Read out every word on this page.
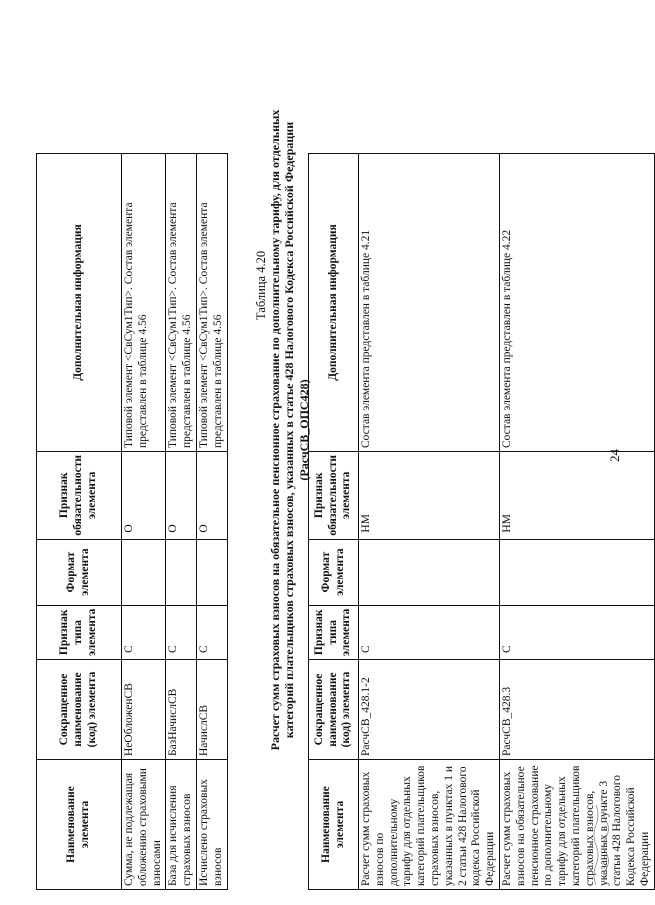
24
Наименование элемента	Сокращенное наименование (код) элемента	Признак типа элемента	Формат элемента	Признак обязательности элемента	Дополнительная информация
Сумма, не подлежащая обложению страховыми взносами	НеОбложенСВ	С		О	Типовой элемент <СвСум1Тип>. Состав элемента представлен в таблице 4.56
База для исчисления страховых взносов	БазНачислСВ	С		О	Типовой элемент <СвСум1Тип>. Состав элемента представлен в таблице 4.56
Исчислено страховых взносов	НачислСВ	С		О	Типовой элемент <СвСум1Тип>. Состав элемента представлен в таблице 4.56
Таблица 4.20 Расчет сумм страховых взносов на обязательное пенсионное страхование по дополнительному тарифу, для отдельных категорий плательщиков страховых взносов, указанных в статье 428 Налогового Кодекса Российской Федерации (РасчСВ_ОПС428)
Наименование элемента	Сокращенное наименование (код) элемента	Признак типа элемента	Формат элемента	Признак обязательности элемента	Дополнительная информация
Расчет сумм страховых взносов по дополнительному тарифу для отдельных категорий плательщиков страховых взносов, указанных в пунктах 1 и 2 статьи 428 Налогового кодекса Российской Федерации	РасчСВ_428.1-2	С		НМ	Состав элемента представлен в таблице 4.21
Расчет сумм страховых взносов на обязательное пенсионное страхование по дополнительному тарифу для отдельных категорий плательщиков страховых взносов, указанных в пункте 3 статьи 428 Налогового Кодекса Российской Федерации	РасчСВ_428.3	С		НМ	Состав элемента представлен в таблице 4.22
